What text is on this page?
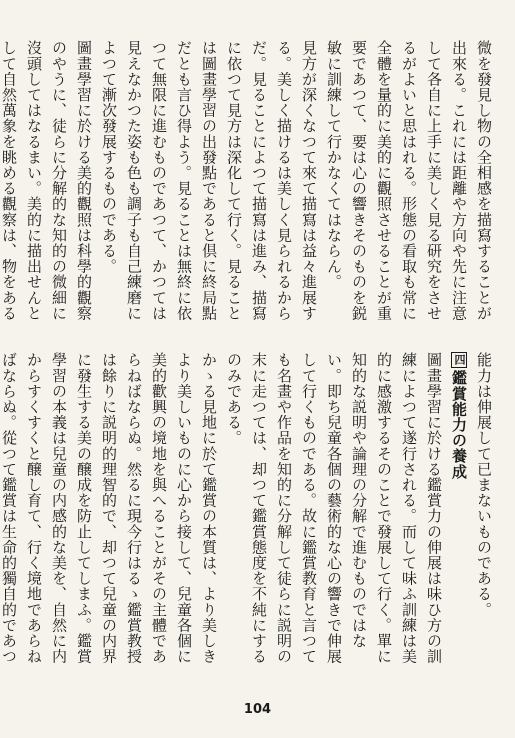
微を發見し物の全相感を描寫することが出來る。これには距離や方向や先に注意して各自に上手に美しく見る研究をさせるがよいと思はれる。形態の看取も常に全體を量的に美的に觀照させることが重要であつて、要は心の響きそのものを鋭敏に訓練して行かなくてはならん。

見方が深くなつて來て描寫は益々進展する。美しく描けるは美しく見られるからだ。見ることによつて描寫は進み、描寫に依つて見方は深化して行く。見ることは圖畫學習の出發點であると倶に終局點だとも言ひ得よう。見ることは無終に依つて無限に進むものであつて、かつては見えなかつた姿も色も調子も自己練磨によつて漸次發展するものである。

圖畫學習に於ける美的觀照は科學的觀察のやうに、徒らに分解的な知的の微細に沒頭してはなるまい。美的に描出せんとして自然萬象を眺める觀察は、物をある

能力は伸展して已まないものである。

四鑑賞能力の養成

圖畫學習に於ける鑑賞力の伸展は味ひ方の訓練によつて遂行される。而して味ふ訓練は美的に感激するそのことで發展して行く。單に知的な説明や論理の分解で進むものではない。即ち兒童各個の藝術的な心の響きで伸展して行くものである。故に鑑賞教育と言つても名畫や作品を知的に分解して徒らに説明の末に走つては、却つて鑑賞態度を不純にするのみである。

かゝる見地に於て鑑賞の本質は、より美しきより美しいものに心から接して、兒童各個に美的歡興の境地を與へることがその主體であらねばならぬ。然るに現今行はるゝ鑑賞教授は餘りに説明的理智的で、却つて兒童の内界に發生する美の醸成を防止してしまふ。鑑賞學習の本義は兒童の内感的な美を、自然に内からすくすくと醸し育て、行く境地であらねばならぬ。從つて鑑賞は生命的獨自的であつ

104
